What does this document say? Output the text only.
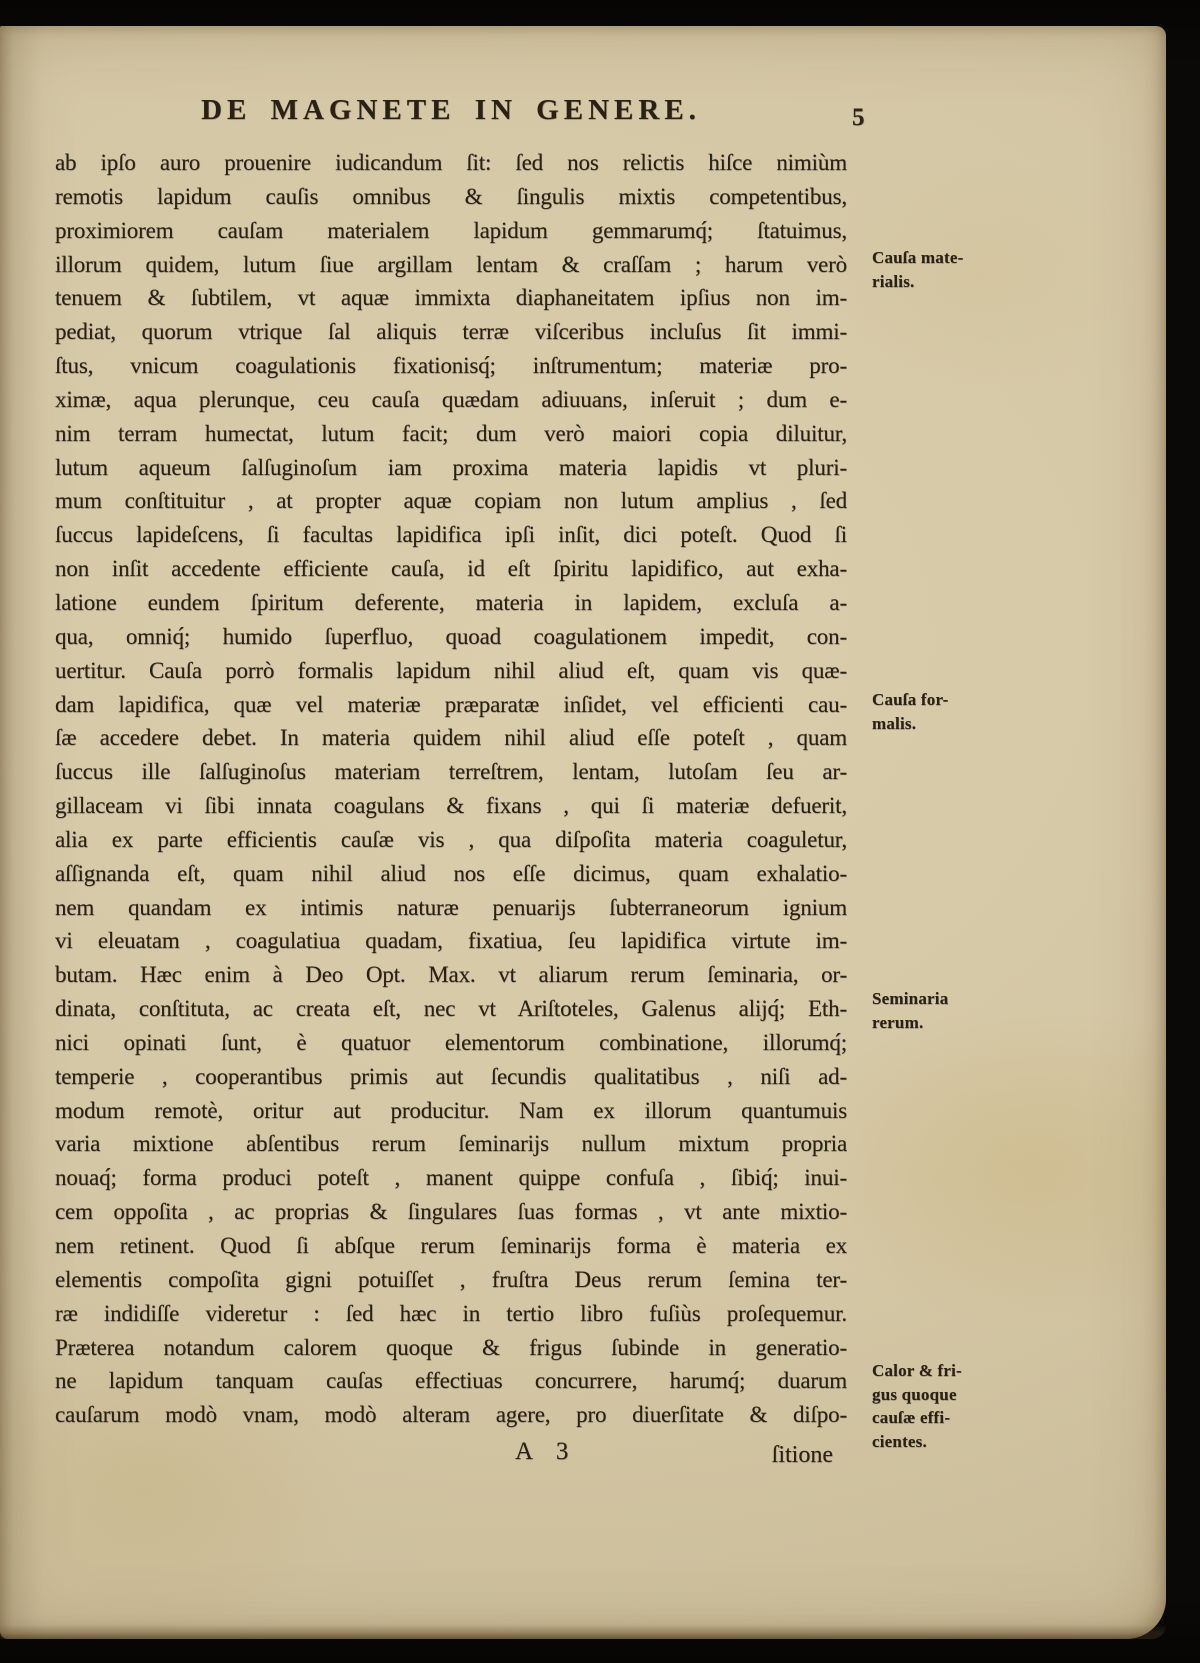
DE MAGNETE IN GENERE.	5
ab ipſo auro prouenire iudicandum ſit: ſed nos relictis hiſce nimiùm
remotis lapidum cauſis omnibus & ſingulis mixtis competentibus,
proximiorem cauſam materialem lapidum gemmarumq́; ſtatuimus,
illorum quidem, lutum ſiue argillam lentam & craſſam ; harum verò
tenuem & ſubtilem, vt aquæ immixta diaphaneitatem ipſius non im-
pediat, quorum vtrique ſal aliquis terræ viſceribus incluſus ſit immi-
ſtus, vnicum coagulationis fixationisq́; inſtrumentum; materiæ pro-
ximæ, aqua plerunque, ceu cauſa quædam adiuuans, inſeruit ; dum e-
nim terram humectat, lutum facit; dum verò maiori copia diluitur,
lutum aqueum ſalſuginoſum iam proxima materia lapidis vt pluri-
mum conſtituitur , at propter aquæ copiam non lutum amplius , ſed
ſuccus lapideſcens, ſi facultas lapidifica ipſi inſit, dici poteſt. Quod ſi
non inſit accedente efficiente cauſa, id eſt ſpiritu lapidifico, aut exha-
latione eundem ſpiritum deferente, materia in lapidem, excluſa a-
qua, omniq́; humido ſuperfluo, quoad coagulationem impedit, con-
uertitur. Cauſa porrò formalis lapidum nihil aliud eſt, quam vis quæ-
dam lapidifica, quæ vel materiæ præparatæ inſidet, vel efficienti cau-
ſæ accedere debet. In materia quidem nihil aliud eſſe poteſt , quam
ſuccus ille ſalſuginoſus materiam terreſtrem, lentam, lutoſam ſeu ar-
gillaceam vi ſibi innata coagulans & fixans , qui ſi materiæ defuerit,
alia ex parte efficientis cauſæ vis , qua diſpoſita materia coaguletur,
aſſignanda eſt, quam nihil aliud nos eſſe dicimus, quam exhalatio-
nem quandam ex intimis naturæ penuarijs ſubterraneorum ignium
vi eleuatam , coagulatiua quadam, fixatiua, ſeu lapidifica virtute im-
butam. Hæc enim à Deo Opt. Max. vt aliarum rerum ſeminaria, or-
dinata, conſtituta, ac creata eſt, nec vt Ariſtoteles, Galenus alijq́; Eth-
nici opinati ſunt, è quatuor elementorum combinatione, illorumq́;
temperie , cooperantibus primis aut ſecundis qualitatibus , niſi ad-
modum remotè, oritur aut producitur. Nam ex illorum quantumuis
varia mixtione abſentibus rerum ſeminarijs nullum mixtum propria
nouaq́; forma produci poteſt , manent quippe confuſa , ſibiq́; inui-
cem oppoſita , ac proprias & ſingulares ſuas formas , vt ante mixtio-
nem retinent. Quod ſi abſque rerum ſeminarijs forma è materia ex
elementis compoſita gigni potuiſſet , fruſtra Deus rerum ſemina ter-
ræ indidiſſe videretur : ſed hæc in tertio libro fuſiùs proſequemur.
Præterea notandum calorem quoque & frigus ſubinde in generatio-
ne lapidum tanquam cauſas effectiuas concurrere, harumq́; duarum
cauſarum modò vnam, modò alteram agere, pro diuerſitate & diſpo-
Cauſa mate-
rialis.
Cauſa for-
malis.
Seminaria
rerum.
Calor & fri-
gus quoque
cauſæ effi-
cientes.
A 3	ſitione
